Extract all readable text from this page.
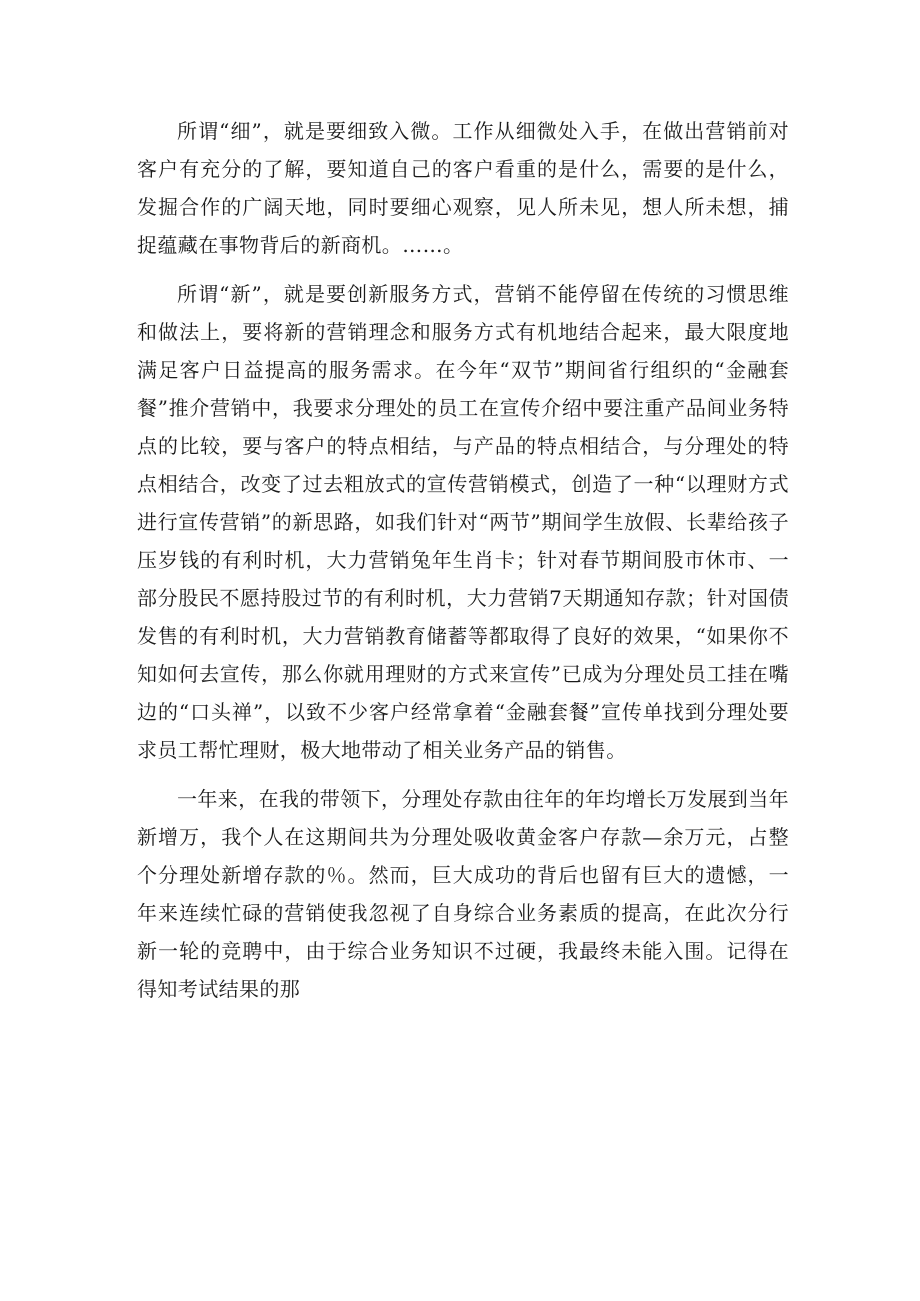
所谓“细”，就是要细致入微。工作从细微处入手，在做出营销前对客户有充分的了解，要知道自己的客户看重的是什么，需要的是什么，发掘合作的广阔天地，同时要细心观察，见人所未见，想人所未想，捕捉蕴藏在事物背后的新商机。……。

所谓“新”，就是要创新服务方式，营销不能停留在传统的习惯思维和做法上，要将新的营销理念和服务方式有机地结合起来，最大限度地满足客户日益提高的服务需求。在今年“双节”期间省行组织的“金融套餐”推介营销中，我要求分理处的员工在宣传介绍中要注重产品间业务特点的比较，要与客户的特点相结，与产品的特点相结合，与分理处的特点相结合，改变了过去粗放式的宣传营销模式，创造了一种“以理财方式进行宣传营销”的新思路，如我们针对“两节”期间学生放假、长辈给孩子压岁钱的有利时机，大力营销兔年生肖卡；针对春节期间股市休市、一部分股民不愿持股过节的有利时机，大力营销7天期通知存款；针对国债发售的有利时机，大力营销教育储蓄等都取得了良好的效果，“如果你不知如何去宣传，那么你就用理财的方式来宣传”已成为分理处员工挂在嘴边的“口头禅”，以致不少客户经常拿着“金融套餐”宣传单找到分理处要求员工帮忙理财，极大地带动了相关业务产品的销售。

一年来，在我的带领下，分理处存款由往年的年均增长万发展到当年新增万，我个人在这期间共为分理处吸收黄金客户存款—余万元，占整个分理处新增存款的％。然而，巨大成功的背后也留有巨大的遗憾，一年来连续忙碌的营销使我忽视了自身综合业务素质的提高，在此次分行新一轮的竞聘中，由于综合业务知识不过硬，我最终未能入围。记得在得知考试结果的那
